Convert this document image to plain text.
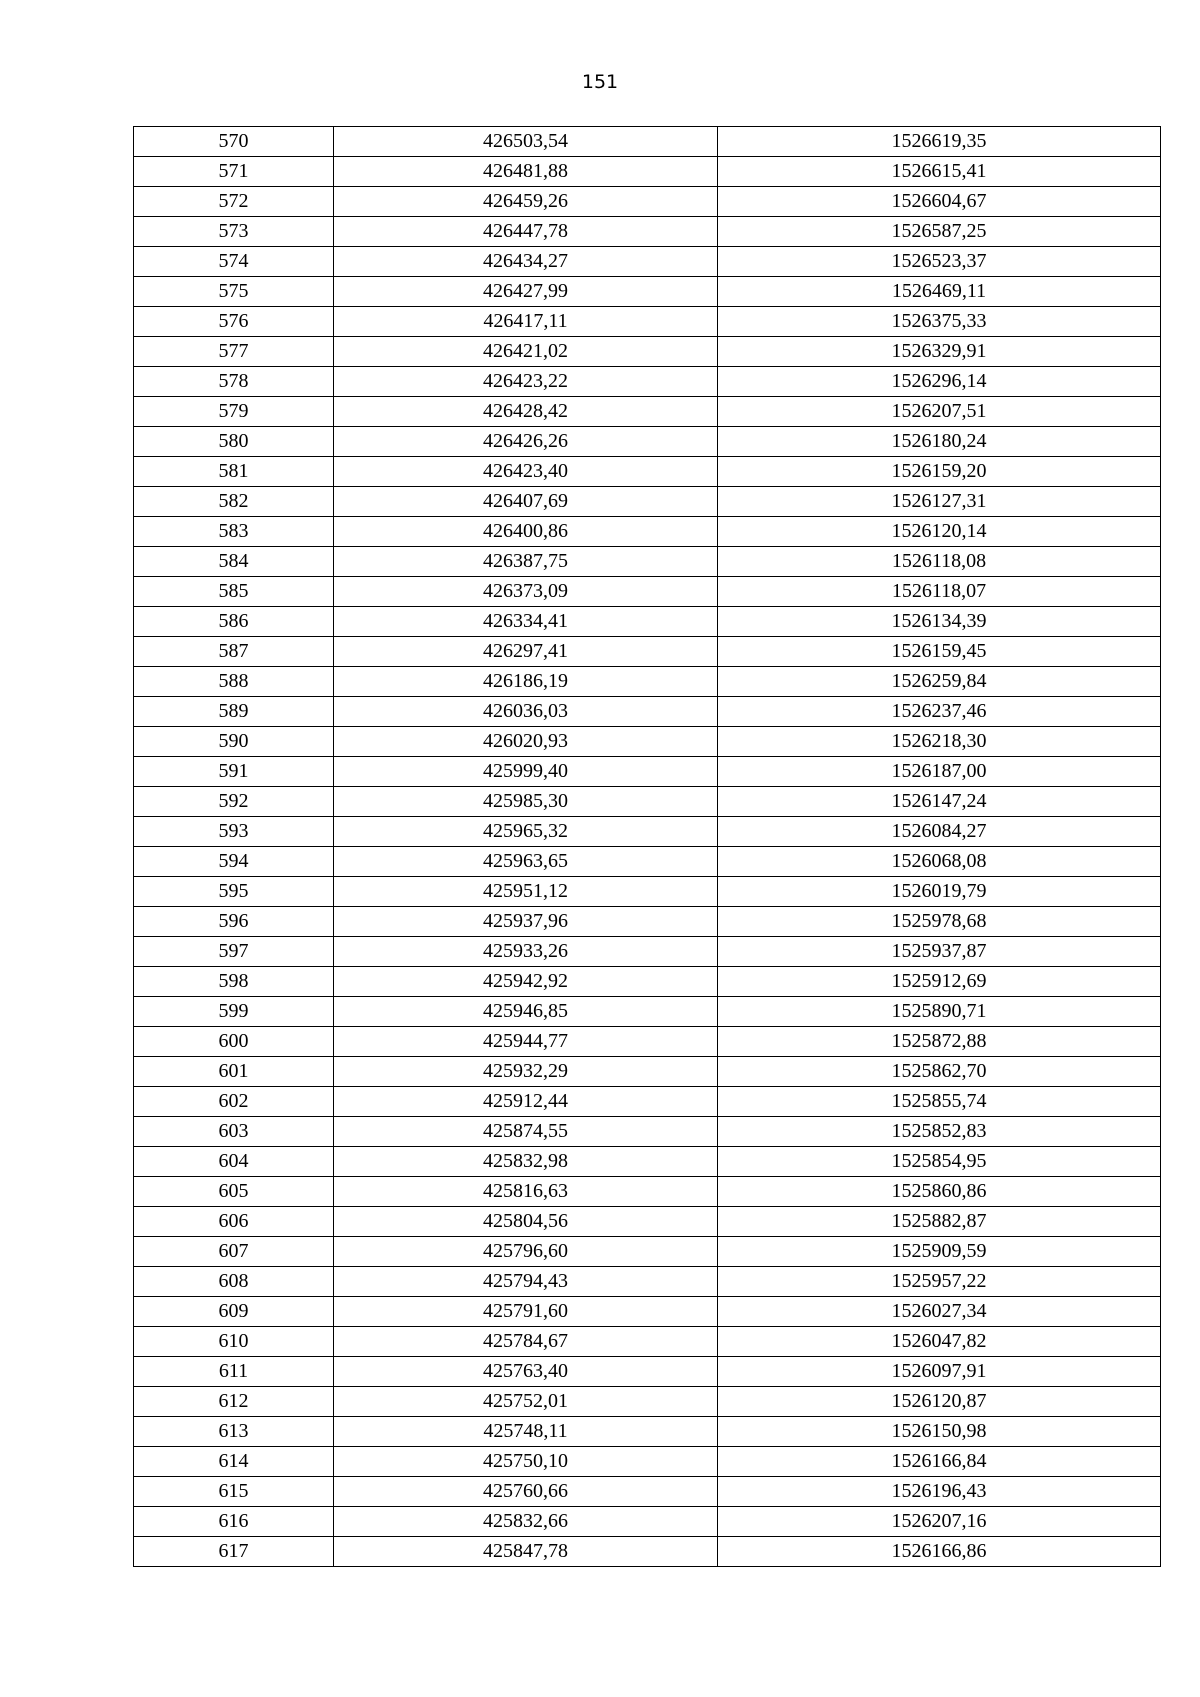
151
570	426503,54	1526619,35
571	426481,88	1526615,41
572	426459,26	1526604,67
573	426447,78	1526587,25
574	426434,27	1526523,37
575	426427,99	1526469,11
576	426417,11	1526375,33
577	426421,02	1526329,91
578	426423,22	1526296,14
579	426428,42	1526207,51
580	426426,26	1526180,24
581	426423,40	1526159,20
582	426407,69	1526127,31
583	426400,86	1526120,14
584	426387,75	1526118,08
585	426373,09	1526118,07
586	426334,41	1526134,39
587	426297,41	1526159,45
588	426186,19	1526259,84
589	426036,03	1526237,46
590	426020,93	1526218,30
591	425999,40	1526187,00
592	425985,30	1526147,24
593	425965,32	1526084,27
594	425963,65	1526068,08
595	425951,12	1526019,79
596	425937,96	1525978,68
597	425933,26	1525937,87
598	425942,92	1525912,69
599	425946,85	1525890,71
600	425944,77	1525872,88
601	425932,29	1525862,70
602	425912,44	1525855,74
603	425874,55	1525852,83
604	425832,98	1525854,95
605	425816,63	1525860,86
606	425804,56	1525882,87
607	425796,60	1525909,59
608	425794,43	1525957,22
609	425791,60	1526027,34
610	425784,67	1526047,82
611	425763,40	1526097,91
612	425752,01	1526120,87
613	425748,11	1526150,98
614	425750,10	1526166,84
615	425760,66	1526196,43
616	425832,66	1526207,16
617	425847,78	1526166,86
